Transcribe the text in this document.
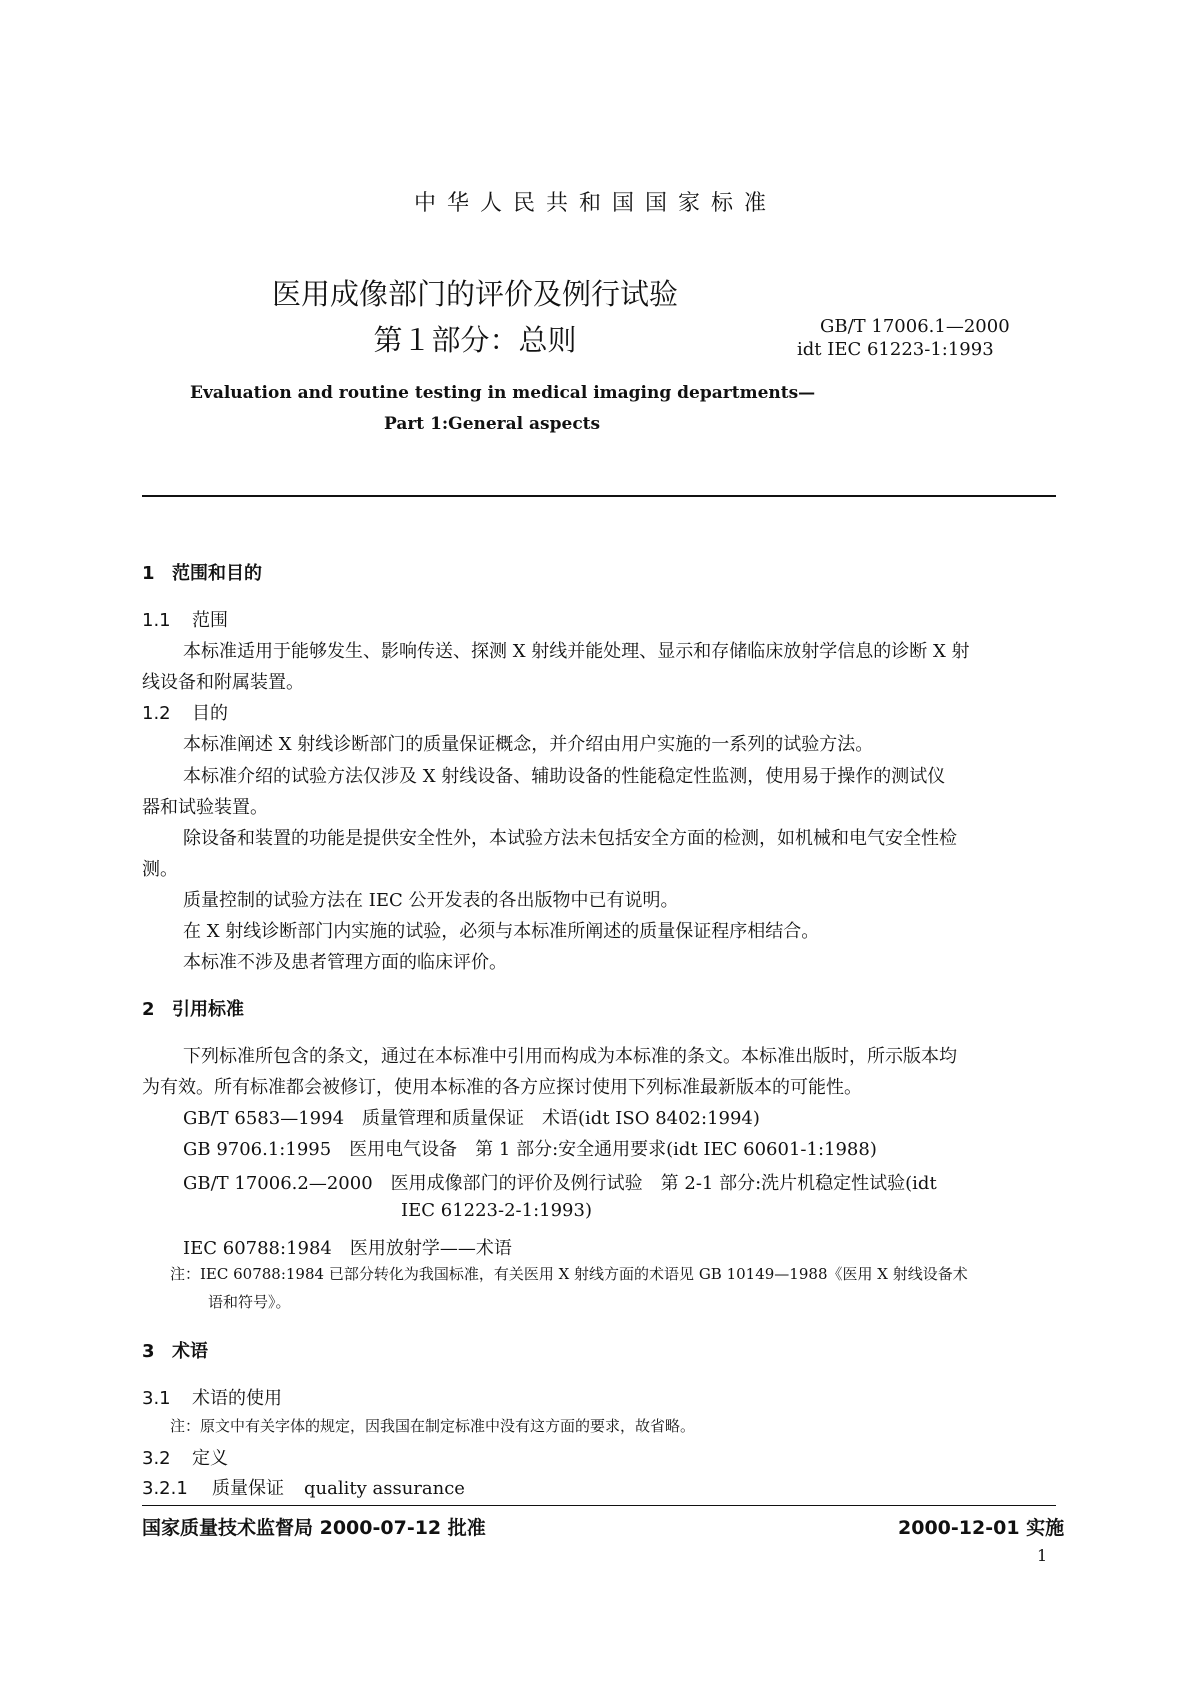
中华人民共和国国家标准
医用成像部门的评价及例行试验
第１部分：总则	GB/T 17006.1—2000
idt IEC 61223-1:1993
Evaluation and routine testing in medical imaging departments—
Part 1:General aspects
1 范围和目的
1.1 范围
本标准适用于能够发生、影响传送、探测 X 射线并能处理、显示和存储临床放射学信息的诊断 X 射
线设备和附属装置。
1.2 目的
本标准阐述 X 射线诊断部门的质量保证概念，并介绍由用户实施的一系列的试验方法。
本标准介绍的试验方法仅涉及 X 射线设备、辅助设备的性能稳定性监测，使用易于操作的测试仪
器和试验装置。
除设备和装置的功能是提供安全性外，本试验方法未包括安全方面的检测，如机械和电气安全性检
测。
质量控制的试验方法在 IEC 公开发表的各出版物中已有说明。
在 X 射线诊断部门内实施的试验，必须与本标准所阐述的质量保证程序相结合。
本标准不涉及患者管理方面的临床评价。
2 引用标准
下列标准所包含的条文，通过在本标准中引用而构成为本标准的条文。本标准出版时，所示版本均
为有效。所有标准都会被修订，使用本标准的各方应探讨使用下列标准最新版本的可能性。
GB/T 6583—1994　 质量管理和质量保证　术语(idt ISO 8402:1994)
GB 9706.1:1995　 医用电气设备　第 1 部分:安全通用要求(idt IEC 60601-1:1988)
GB/T 17006.2—2000　 医用成像部门的评价及例行试验　第 2-1 部分:洗片机稳定性试验(idt
IEC 61223-2-1:1993)
IEC 60788:1984　 医用放射学——术语
注：IEC 60788:1984 已部分转化为我国标准，有关医用 X 射线方面的术语见 GB 10149—1988《医用 X 射线设备术
语和符号》。
3 术语
3.1 术语的使用
注：原文中有关字体的规定，因我国在制定标准中没有这方面的要求，故省略。
3.2 定义
3.2.1 质量保证 quality assurance
国家质量技术监督局 2000-07-12 批准	2000-12-01 实施
1
